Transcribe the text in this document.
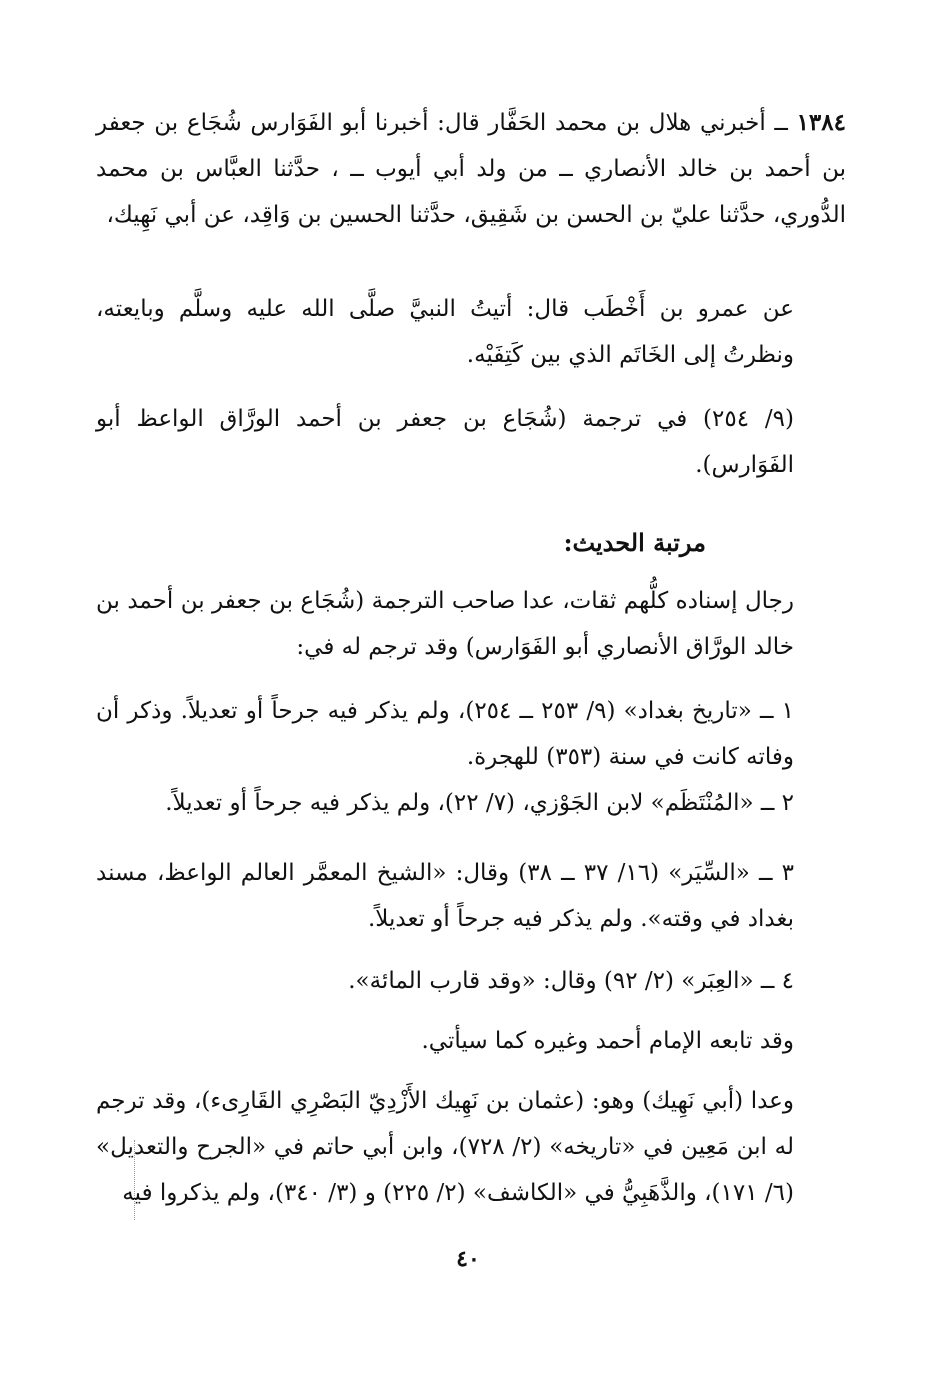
١٣٨٤ ــ أخبرني هلال بن محمد الحَفَّار قال: أخبرنا أبو الفَوَارس شُجَاع بن جعفر بن أحمد بن خالد الأنصاري ــ من ولد أبي أيوب ــ ، حدَّثنا العبَّاس بن محمد الدُّوري، حدَّثنا عليّ بن الحسن بن شَقِيق، حدَّثنا الحسين بن وَاقِد، عن أبي نَهِيك،
عن عمرو بن أَخْطَب قال: أتيتُ النبيَّ صلَّى الله عليه وسلَّم وبايعته، ونظرتُ إلى الخَاتَم الذي بين كَتِفَيْه.
(٩/ ٢٥٤) في ترجمة (شُجَاع بن جعفر بن أحمد الورَّاق الواعظ أبو الفَوَارس).
مرتبة الحديث:
رجال إسناده كلُّهم ثقات، عدا صاحب الترجمة (شُجَاع بن جعفر بن أحمد بن خالد الورَّاق الأنصاري أبو الفَوَارس) وقد ترجم له في:
١ ــ «تاريخ بغداد» (٩/ ٢٥٣ ــ ٢٥٤)، ولم يذكر فيه جرحاً أو تعديلاً. وذكر أن وفاته كانت في سنة (٣٥٣) للهجرة.
٢ ــ «المُنْتَظَم» لابن الجَوْزي، (٧/ ٢٢)، ولم يذكر فيه جرحاً أو تعديلاً.
٣ ــ «السِّيَر» (١٦/ ٣٧ ــ ٣٨) وقال: «الشيخ المعمَّر العالم الواعظ، مسند بغداد في وقته». ولم يذكر فيه جرحاً أو تعديلاً.
٤ ــ «العِبَر» (٢/ ٩٢) وقال: «وقد قارب المائة».
وقد تابعه الإمام أحمد وغيره كما سيأتي.
وعدا (أبي نَهِيك) وهو: (عثمان بن نَهِيك الأَزْدِيّ البَصْرِي القَارِىء)، وقد ترجم له ابن مَعِين في «تاريخه» (٢/ ٧٢٨)، وابن أبي حاتم في «الجرح والتعديل» (٦/ ١٧١)، والذَّهَبِيُّ في «الكاشف» (٢/ ٢٢٥) و (٣/ ٣٤٠)، ولم يذكروا فيه
٤٠
